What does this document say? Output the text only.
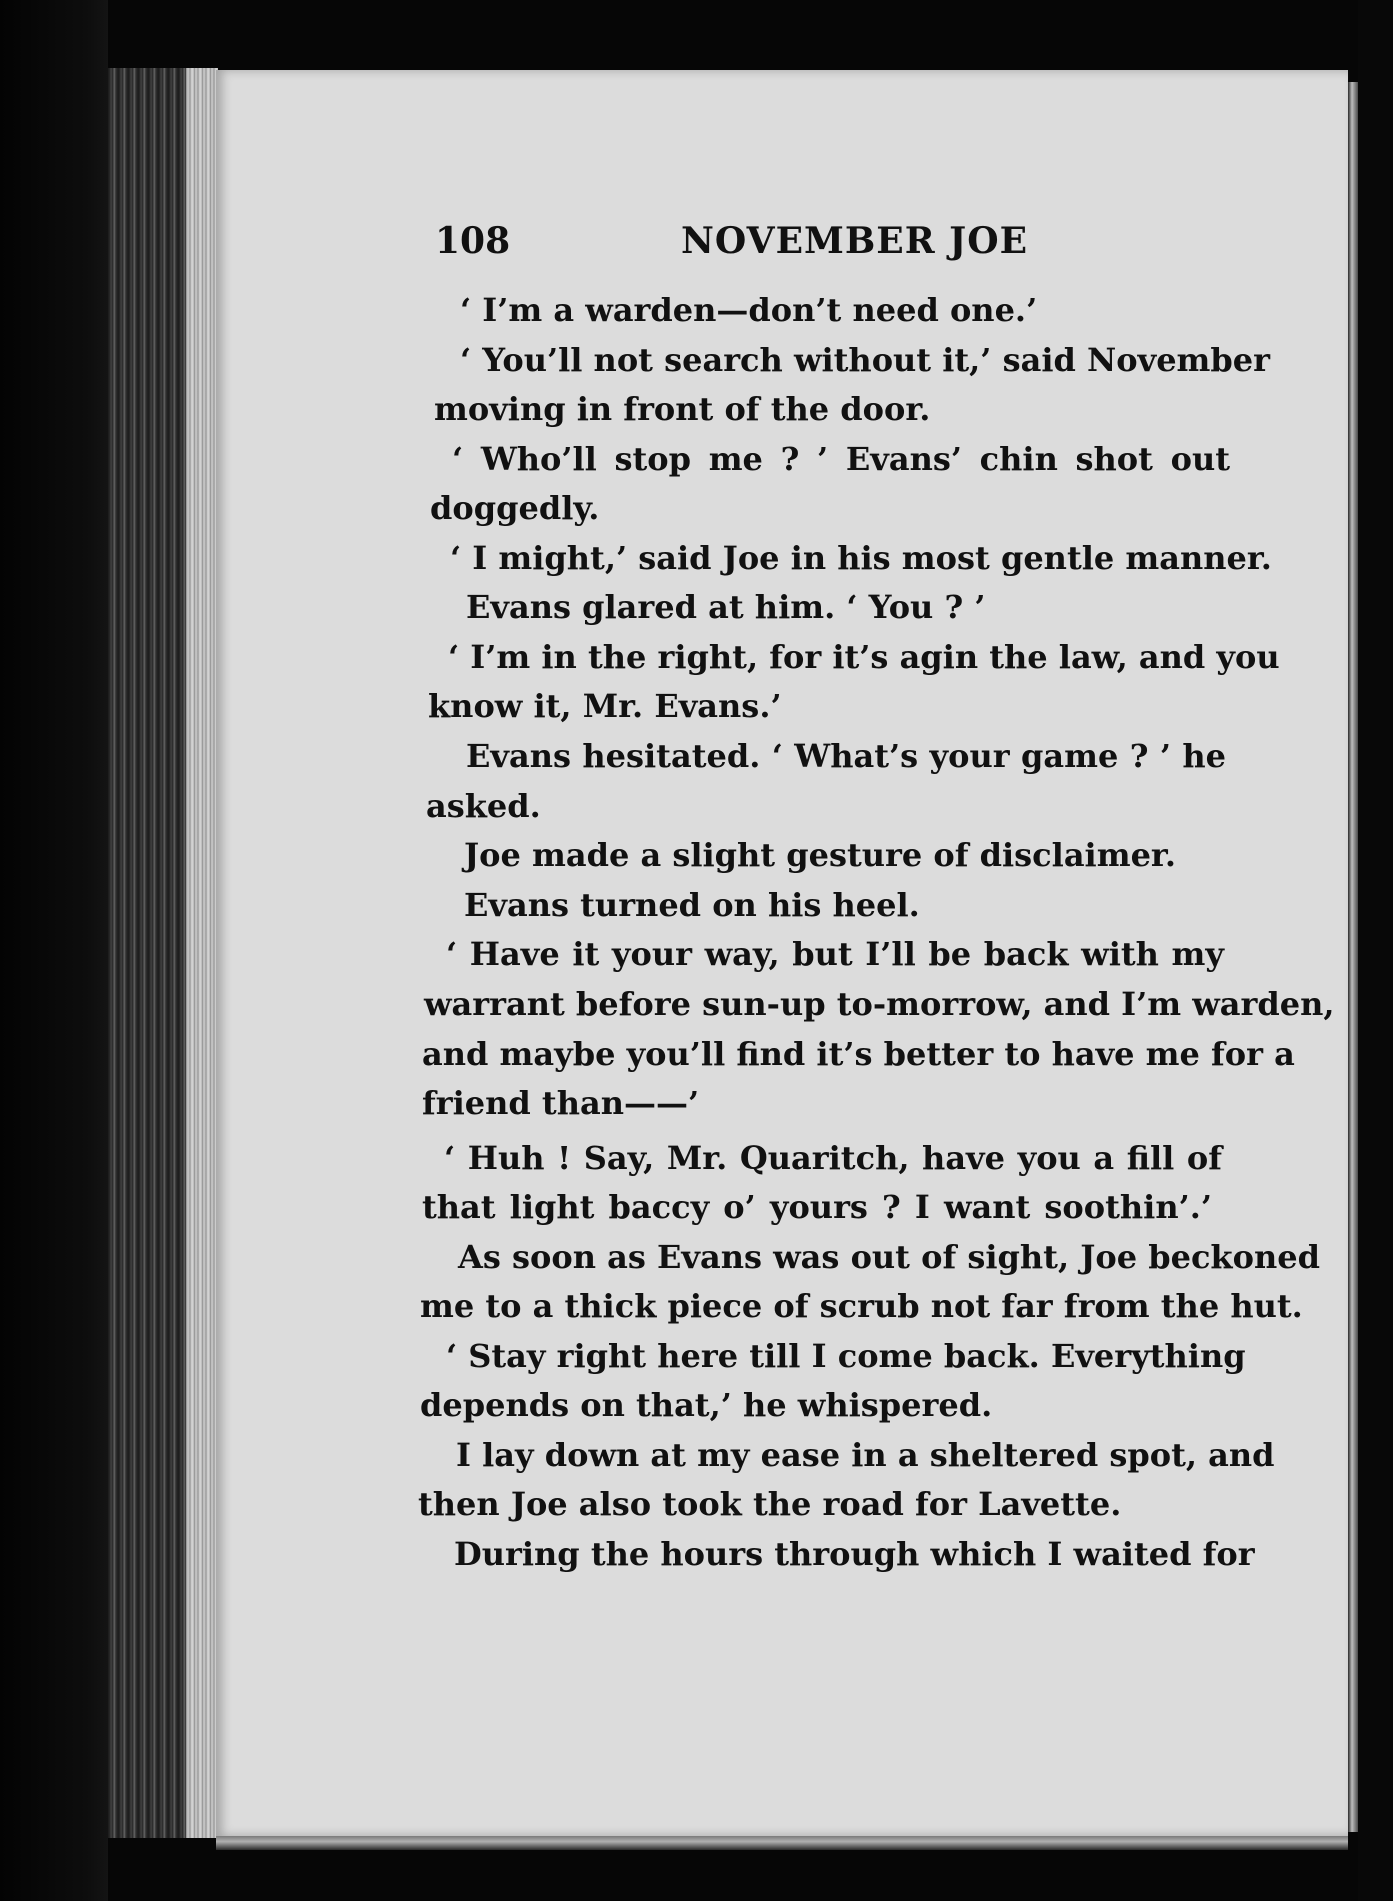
108	NOVEMBER JOE
‘ I’m a warden—don’t need one.’
‘ You’ll not search without it,’ said November
moving in front of the door.
‘ Who’ll stop me ? ’ Evans’ chin shot out
doggedly.
‘ I might,’ said Joe in his most gentle manner.
Evans glared at him. ‘ You ? ’
‘ I’m in the right, for it’s agin the law, and you
know it, Mr. Evans.’
Evans hesitated. ‘ What’s your game ? ’ he
asked.
Joe made a slight gesture of disclaimer.
Evans turned on his heel.
‘ Have it your way, but I’ll be back with my
warrant before sun-up to-morrow, and I’m warden,
and maybe you’ll find it’s better to have me for a
friend than——’
‘ Huh ! Say, Mr. Quaritch, have you a fill of
that light baccy o’ yours ? I want soothin’.’
As soon as Evans was out of sight, Joe beckoned
me to a thick piece of scrub not far from the hut.
‘ Stay right here till I come back. Everything
depends on that,’ he whispered.
I lay down at my ease in a sheltered spot, and
then Joe also took the road for Lavette.
During the hours through which I waited for
